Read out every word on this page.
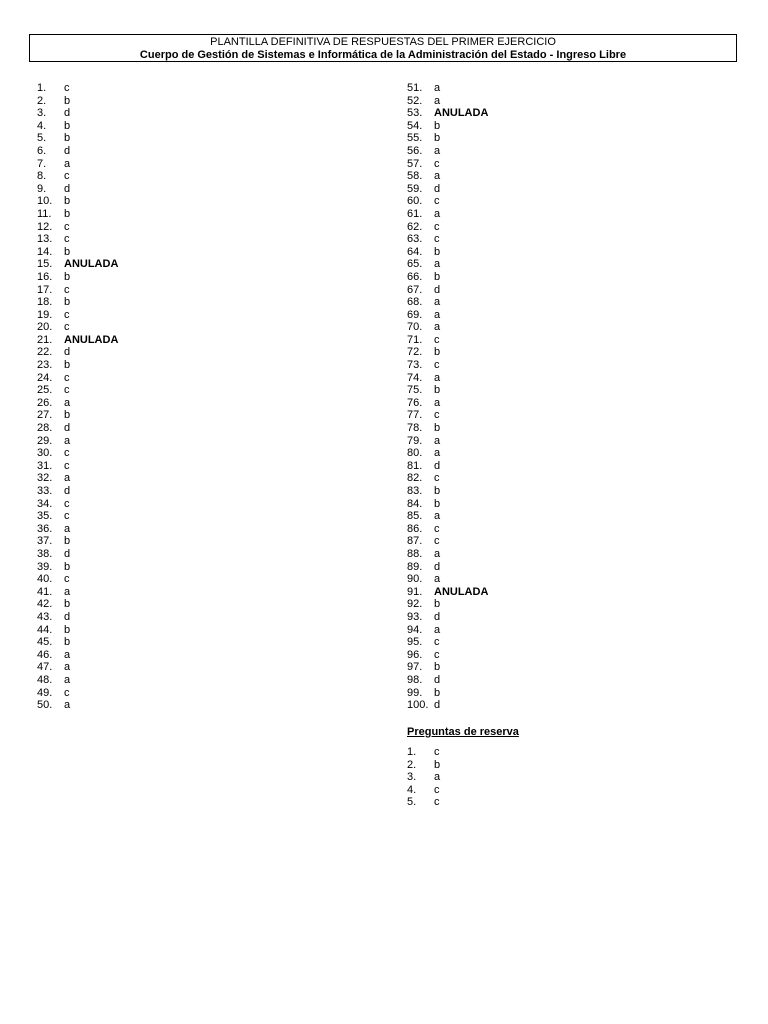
PLANTILLA DEFINITIVA DE RESPUESTAS DEL PRIMER EJERCICIO
Cuerpo de Gestión de Sistemas e Informática de la Administración del Estado - Ingreso Libre
1. c
2. b
3. d
4. b
5. b
6. d
7. a
8. c
9. d
10. b
11. b
12. c
13. c
14. b
15. ANULADA
16. b
17. c
18. b
19. c
20. c
21. ANULADA
22. d
23. b
24. c
25. c
26. a
27. b
28. d
29. a
30. c
31. c
32. a
33. d
34. c
35. c
36. a
37. b
38. d
39. b
40. c
41. a
42. b
43. d
44. b
45. b
46. a
47. a
48. a
49. c
50. a
51. a
52. a
53. ANULADA
54. b
55. b
56. a
57. c
58. a
59. d
60. c
61. a
62. c
63. c
64. b
65. a
66. b
67. d
68. a
69. a
70. a
71. c
72. b
73. c
74. a
75. b
76. a
77. c
78. b
79. a
80. a
81. d
82. c
83. b
84. b
85. a
86. c
87. c
88. a
89. d
90. a
91. ANULADA
92. b
93. d
94. a
95. c
96. c
97. b
98. d
99. b
100. d
Preguntas de reserva
1. c
2. b
3. a
4. c
5. c
